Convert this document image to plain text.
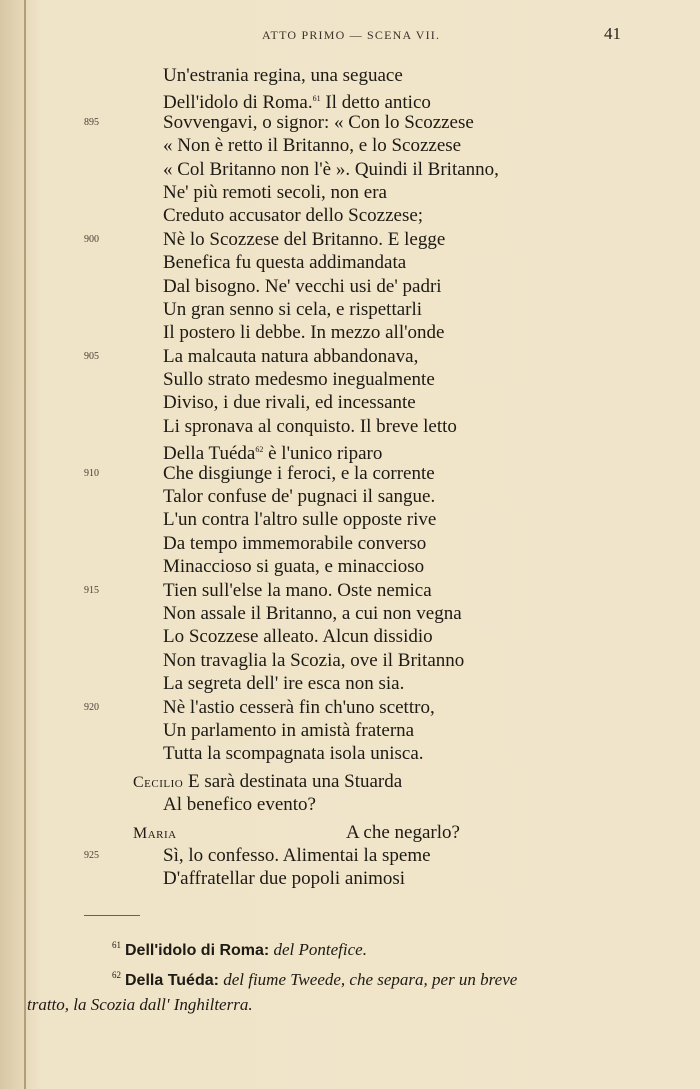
ATTO PRIMO — SCENA VII.	41
Un'estrania regina, una seguace
Dell'idolo di Roma.$^{61}$ Il detto antico
895	Sovvengavi, o signor: « Con lo Scozzese
« Non è retto il Britanno, e lo Scozzese
« Col Britanno non l'è ». Quindi il Britanno,
Ne' più remoti secoli, non era
Creduto accusator dello Scozzese;
900	Nè lo Scozzese del Britanno. E legge
Benefica fu questa addimandata
Dal bisogno. Ne' vecchi usi de' padri
Un gran senno si cela, e rispettarli
Il postero li debbe. In mezzo all'onde
905	La malcauta natura abbandonava,
Sullo strato medesmo inegualmente
Diviso, i due rivali, ed incessante
Li spronava al conquisto. Il breve letto
Della Tuéda$^{62}$ è l'unico riparo
910	Che disgiunge i feroci, e la corrente
Talor confuse de' pugnaci il sangue.
L'un contra l'altro sulle opposte rive
Da tempo immemorabile converso
Minaccioso si guata, e minaccioso
915	Tien sull'else la mano. Oste nemica
Non assale il Britanno, a cui non vegna
Lo Scozzese alleato. Alcun dissidio
Non travaglia la Scozia, ove il Britanno
La segreta dell' ire esca non sia.
920	Nè l'astio cesserà fin ch'uno scettro,
Un parlamento in amistà fraterna
Tutta la scompagnata isola unisca.
Cecilio E sarà destinata una Stuarda
Al benefico evento?
Maria	A che negarlo?
925	Sì, lo confesso. Alimentai la speme
D'affratellar due popoli animosi
$^{61}$ Dell'idolo di Roma: del Pontefice.
$^{62}$ Della Tuéda: del fiume Tweede, che separa, per un breve
tratto, la Scozia dall' Inghilterra.
